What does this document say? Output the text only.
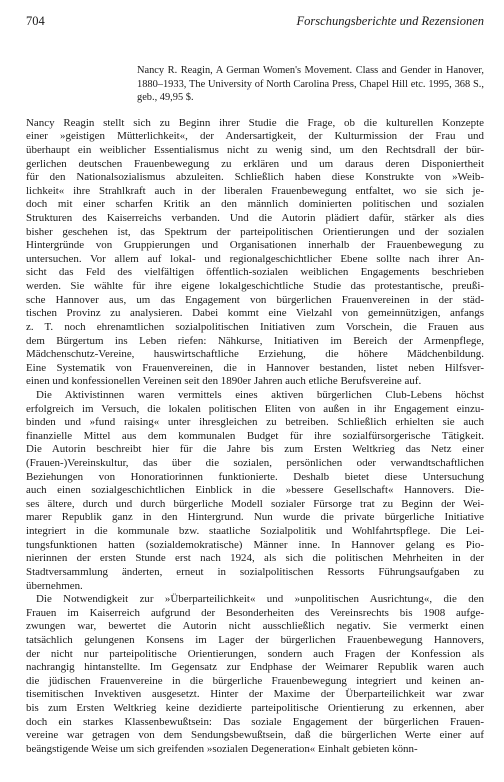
704	Forschungsberichte und Rezensionen
Nancy R. Reagin, A German Women's Movement. Class and Gender in Hanover, 1880–1933, The University of North Carolina Press, Chapel Hill etc. 1995, 368 S., geb., 49,95 $.

Nancy Reagin stellt sich zu Beginn ihrer Studie die Frage, ob die kulturellen Konzepte
einer »geistigen Mütterlichkeit«, der Andersartigkeit, der Kulturmission der Frau und
überhaupt ein weiblicher Essentialismus nicht zu wenig sind, um den Rechtsdrall der bür-
gerlichen deutschen Frauenbewegung zu erklären und um daraus deren Disponiertheit
für den Nationalsozialismus abzuleiten. Schließlich haben diese Konstrukte von »Weib-
lichkeit« ihre Strahlkraft auch in der liberalen Frauenbewegung entfaltet, wo sie sich je-
doch mit einer scharfen Kritik an den männlich dominierten politischen und sozialen
Strukturen des Kaiserreichs verbanden. Und die Autorin plädiert dafür, stärker als dies
bisher geschehen ist, das Spektrum der parteipolitischen Orientierungen und der sozialen
Hintergründe von Gruppierungen und Organisationen innerhalb der Frauenbewegung zu
untersuchen. Vor allem auf lokal- und regionalgeschichtlicher Ebene sollte nach ihrer An-
sicht das Feld des vielfältigen öffentlich-sozialen weiblichen Engagements beschrieben
werden. Sie wählte für ihre eigene lokalgeschichtliche Studie das protestantische, preußi-
sche Hannover aus, um das Engagement von bürgerlichen Frauenvereinen in der städ-
tischen Provinz zu analysieren. Dabei kommt eine Vielzahl von gemeinnützigen, anfangs
z. T. noch ehrenamtlichen sozialpolitischen Initiativen zum Vorschein, die Frauen aus
dem Bürgertum ins Leben riefen: Nähkurse, Initiativen im Bereich der Armenpflege,
Mädchenschutz-Vereine, hauswirtschaftliche Erziehung, die höhere Mädchenbildung.
Eine Systematik von Frauenvereinen, die in Hannover bestanden, listet neben Hilfsver-
einen und konfessionellen Vereinen seit den 1890er Jahren auch etliche Berufsvereine auf.

Die Aktivistinnen waren vermittels eines aktiven bürgerlichen Club-Lebens höchst
erfolgreich im Versuch, die lokalen politischen Eliten von außen in ihr Engagement einzu-
binden und »fund raising« unter ihresgleichen zu betreiben. Schließlich erhielten sie auch
finanzielle Mittel aus dem kommunalen Budget für ihre sozialfürsorgerische Tätigkeit.
Die Autorin beschreibt hier für die Jahre bis zum Ersten Weltkrieg das Netz einer
(Frauen-)Vereinskultur, das über die sozialen, persönlichen oder verwandtschaftlichen
Beziehungen von Honoratiorinnen funktionierte. Deshalb bietet diese Untersuchung
auch einen sozialgeschichtlichen Einblick in die »bessere Gesellschaft« Hannovers. Die-
ses ältere, durch und durch bürgerliche Modell sozialer Fürsorge trat zu Beginn der Wei-
marer Republik ganz in den Hintergrund. Nun wurde die private bürgerliche Initiative
integriert in die kommunale bzw. staatliche Sozialpolitik und Wohlfahrtspflege. Die Lei-
tungsfunktionen hatten (sozialdemokratische) Männer inne. In Hannover gelang es Pio-
nierinnen der ersten Stunde erst nach 1924, als sich die politischen Mehrheiten in der
Stadtversammlung änderten, erneut in sozialpolitischen Ressorts Führungsaufgaben zu
übernehmen.

Die Notwendigkeit zur »Überparteilichkeit« und »unpolitischen Ausrichtung«, die den
Frauen im Kaiserreich aufgrund der Besonderheiten des Vereinsrechts bis 1908 aufge-
zwungen war, bewertet die Autorin nicht ausschließlich negativ. Sie vermerkt einen
tatsächlich gelungenen Konsens im Lager der bürgerlichen Frauenbewegung Hannovers,
der nicht nur parteipolitische Orientierungen, sondern auch Fragen der Konfession als
nachrangig hintanstellte. Im Gegensatz zur Endphase der Weimarer Republik waren auch
die jüdischen Frauenvereine in die bürgerliche Frauenbewegung integriert und keinen an-
tisemitischen Invektiven ausgesetzt. Hinter der Maxime der Überparteilichkeit war zwar
bis zum Ersten Weltkrieg keine dezidierte parteipolitische Orientierung zu erkennen, aber
doch ein starkes Klassenbewußtsein: Das soziale Engagement der bürgerlichen Frauen-
vereine war getragen von dem Sendungsbewußtsein, daß die bürgerlichen Werte einer auf
beängstigende Weise um sich greifenden »sozialen Degeneration« Einhalt gebieten könn-
